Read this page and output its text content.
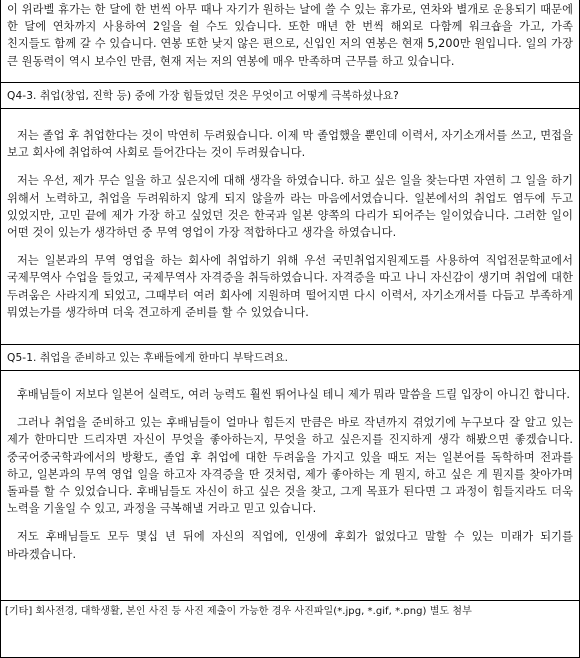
이 위라벨 휴가는 한 달에 한 번씩 아무 때나 자기가 원하는 날에 쓸 수 있는 휴가로, 연차와 별개로 운용되기 때문에 한 달에 연차까지 사용하여 2일을 쉴 수도 있습니다. 또한 매년 한 번씩 해외로 다함께 워크숍을 가고, 가족 친지들도 함께 갈 수 있습니다. 연봉 또한 낮지 않은 편으로, 신입인 저의 연봉은 현재 5,200만 원입니다. 일의 가장 큰 원동력이 역시 보수인 만큼, 현재 저는 저의 연봉에 매우 만족하며 근무를 하고 있습니다.

Q4-3. 취업(창업, 진학 등) 중에 가장 힘들었던 것은 무엇이고 어떻게 극복하셨나요?

저는 졸업 후 취업한다는 것이 막연히 두려웠습니다. 이제 막 졸업했을 뿐인데 이력서, 자기소개서를 쓰고, 면접을 보고 회사에 취업하여 사회로 들어간다는 것이 두려웠습니다.

저는 우선, 제가 무슨 일을 하고 싶은지에 대해 생각을 하였습니다. 하고 싶은 일을 찾는다면 자연히 그 일을 하기 위해서 노력하고, 취업을 두려워하지 않게 되지 않을까 라는 마음에서였습니다. 일본에서의 취업도 염두에 두고 있었지만, 고민 끝에 제가 가장 하고 싶었던 것은 한국과 일본 양쪽의 다리가 되어주는 일이었습니다. 그러한 일이 어떤 것이 있는가 생각하던 중 무역 영업이 가장 적합하다고 생각을 하였습니다.

저는 일본과의 무역 영업을 하는 회사에 취업하기 위해 우선 국민취업지원제도를 사용하여 직업전문학교에서 국제무역사 수업을 들었고, 국제무역사 자격증을 취득하였습니다. 자격증을 따고 나니 자신감이 생기며 취업에 대한 두려움은 사라지게 되었고, 그때부터 여러 회사에 지원하며 떨어지면 다시 이력서, 자기소개서를 다듬고 부족하게 뭐였는가를 생각하며 더욱 견고하게 준비를 할 수 있었습니다.

Q5-1. 취업을 준비하고 있는 후배들에게 한마디 부탁드려요.

후배님들이 저보다 일본어 실력도, 여러 능력도 훨씬 뛰어나실 테니 제가 뭐라 말씀을 드릴 입장이 아니긴 합니다.

그러나 취업을 준비하고 있는 후배님들이 얼마나 힘든지 만큼은 바로 작년까지 겪었기에 누구보다 잘 알고 있는 제가 한마디만 드리자면 자신이 무엇을 좋아하는지, 무엇을 하고 싶은지를 진지하게 생각 해봤으면 좋겠습니다. 중국어중국학과에서의 방황도, 졸업 후 취업에 대한 두려움을 가지고 있을 때도 저는 일본어를 독학하며 전과를 하고, 일본과의 무역 영업 일을 하고자 자격증을 딴 것처럼, 제가 좋아하는 게 뭔지, 하고 싶은 게 뭔지를 찾아가며 돌파를 할 수 있었습니다. 후배님들도 자신이 하고 싶은 것을 찾고, 그게 목표가 된다면 그 과정이 힘들지라도 더욱 노력을 기울일 수 있고, 과정을 극복해낼 거라고 믿고 있습니다.

저도 후배님들도 모두 몇십 년 뒤에 자신의 직업에, 인생에 후회가 없었다고 말할 수 있는 미래가 되기를 바라겠습니다.

[기타] 회사전경, 대학생활, 본인 사진 등 사진 제출이 가능한 경우 사진파일(*.jpg, *.gif, *.png) 별도 첨부
